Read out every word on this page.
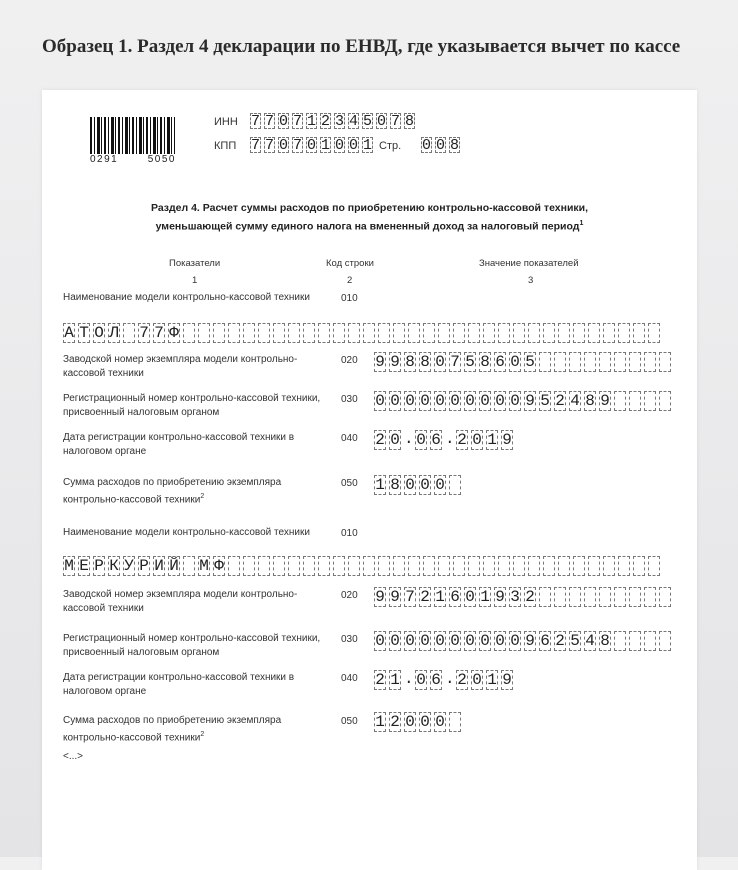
Образец 1. Раздел 4 декларации по ЕНВД, где указывается вычет по кассе
0291	5050
ИНН 7 7 0 7 1 2 3 4 5 0 7 8
КПП 7 7 0 7 0 1 0 0 1 Стр. 0 0 8
Раздел 4. Расчет суммы расходов по приобретению контрольно-кассовой техники,
уменьшающей сумму единого налога на вмененный доход за налоговый период$^1$
Показатели
1
Код строки
2
Значение показателей
3
Наименование модели контрольно-кассовой техники	010
А Т О Л 7 7 Ф
Заводской номер экземпляра модели контрольно-кассовой техники
020 9 9 8 8 0 7 5 8 6 0 5
Регистрационный номер контрольно-кассовой техники, присвоенный налоговым органом
030 0 0 0 0 0 0 0 0 0 0 9 5 2 4 8 9
Дата регистрации контрольно-кассовой техники в налоговом органе
040 2 0 . 0 6 . 2 0 1 9
Сумма расходов по приобретению экземпляра контрольно-кассовой техники$^2$
050 1 8 0 0 0
Наименование модели контрольно-кассовой техники	010
М Е Р К У Р И Й М Ф
Заводской номер экземпляра модели контрольно-кассовой техники
020 9 9 7 2 1 6 0 1 9 3 2
Регистрационный номер контрольно-кассовой техники, присвоенный налоговым органом
030 0 0 0 0 0 0 0 0 0 0 9 6 2 5 4 8
Дата регистрации контрольно-кассовой техники в налоговом органе
040 2 1 . 0 6 . 2 0 1 9
Сумма расходов по приобретению экземпляра контрольно-кассовой техники$^2$
050 1 2 0 0 0
<...>
